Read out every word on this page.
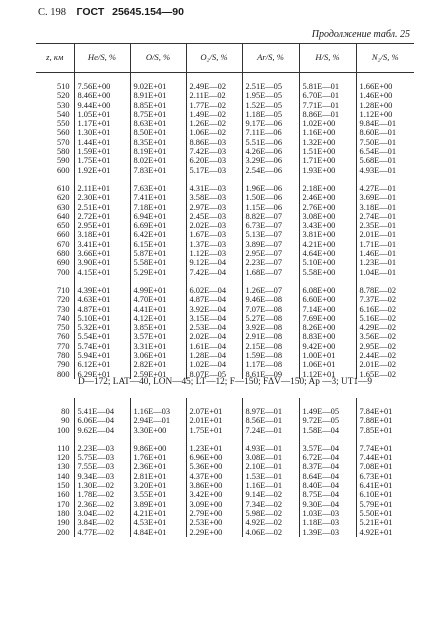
С. 198 ГОСТ 25645.154—90
Продолжение табл. 25
z, км	He/S, %	O/S, %	O₂/S, %	Ar/S, %	H/S, %	N₂/S, %

510	7.56E+00	9.02E+01	2.49E—02	2.51E—05	5.81E—01	1.66E+00
520	8.46E+00	8.91E+01	2.11E—02	1.95E—05	6.70E—01	1.46E+00
530	9.44E+00	8.85E+01	1.77E—02	1.52E—05	7.71E—01	1.28E+00
540	1.05E+01	8.75E+01	1.49E—02	1.18E—05	8.86E—01	1.12E+00
550	1.17E+01	8.63E+01	1.26E—02	9.17E—06	1.02E+00	9.84E—01
560	1.30E+01	8.50E+01	1.06E—02	7.11E—06	1.16E+00	8.60E—01
570	1.44E+01	8.35E+01	8.86E—03	5.51E—06	1.32E+00	7.50E—01
580	1.59E+01	8.19E+01	7.42E—03	4.26E—06	1.51E+00	6.54E—01
590	1.75E+01	8.02E+01	6.20E—03	3.29E—06	1.71E+00	5.68E—01
600	1.92E+01	7.83E+01	5.17E—03	2.54E—06	1.93E+00	4.93E—01

610	2.11E+01	7.63E+01	4.31E—03	1.96E—06	2.18E+00	4.27E—01
620	2.30E+01	7.41E+01	3.58E—03	1.50E—06	2.46E+00	3.69E—01
630	2.51E+01	7.18E+01	2.97E—03	1.15E—06	2.76E+00	3.18E—01
640	2.72E+01	6.94E+01	2.45E—03	8.82E—07	3.08E+00	2.74E—01
650	2.95E+01	6.69E+01	2.02E—03	6.73E—07	3.43E+00	2.35E—01
660	3.18E+01	6.42E+01	1.67E—03	5.13E—07	3.81E+00	2.01E—01
670	3.41E+01	6.15E+01	1.37E—03	3.89E—07	4.21E+00	1.71E—01
680	3.66E+01	5.87E+01	1.12E—03	2.95E—07	4.64E+00	1.46E—01
690	3.90E+01	5.58E+01	9.12E—04	2.23E—07	5.10E+00	1.23E—01
700	4.15E+01	5.29E+01	7.42E—04	1.68E—07	5.58E+00	1.04E—01

710	4.39E+01	4.99E+01	6.02E—04	1.26E—07	6.08E+00	8.78E—02
720	4.63E+01	4.70E+01	4.87E—04	9.46E—08	6.60E+00	7.37E—02
730	4.87E+01	4.41E+01	3.92E—04	7.07E—08	7.14E+00	6.16E—02
740	5.10E+01	4.12E+01	3.15E—04	5.27E—08	7.69E+00	5.16E—02
750	5.32E+01	3.85E+01	2.53E—04	3.92E—08	8.26E+00	4.29E—02
760	5.54E+01	3.57E+01	2.02E—04	2.91E—08	8.83E+00	3.56E—02
770	5.74E+01	3.31E+01	1.61E—04	2.15E—08	9.42E+00	2.95E—02
780	5.94E+01	3.06E+01	1.28E—04	1.59E—08	1.00E+01	2.44E—02
790	6.12E+01	2.82E+01	1.02E—04	1.17E—08	1.06E+01	2.01E—02
800	6.29E+01	2.59E+01	8.07E—05	8.61E—09	1.12E+01	1.65E—02
D—172; LAT—40, LON—45; LT—12; F—150; FΔV—150; Ap —3; UT1—9

80	5.41E—04	1.16E—03	2.07E+01	8.97E—01	1.49E—05	7.84E+01
90	6.06E—04	2.94E—01	2.01E+01	8.56E—01	9.72E—05	7.88E+01
100	9.62E—04	3.30E+00	1.75E+01	7.24E—01	1.58E—04	7.85E+01

110	2.23E—03	9.86E+00	1.23E+01	4.93E—01	3.57E—04	7.74E+01
120	5.75E—03	1.76E+01	6.96E+00	3.08E—01	6.72E—04	7.44E+01
130	7.55E—03	2.36E+01	5.36E+00	2.10E—01	8.37E—04	7.08E+01
140	9.34E—03	2.81E+01	4.37E+00	1.53E—01	8.64E—04	6.73E+01
150	1.30E—02	3.20E+01	3.86E+00	1.16E—01	8.40E—04	6.41E+01
160	1.78E—02	3.55E+01	3.42E+00	9.14E—02	8.75E—04	6.10E+01
170	2.36E—02	3.89E+01	3.09E+00	7.34E—02	9.30E—04	5.79E+01
180	3.04E—02	4.21E+01	2.79E+00	5.98E—02	1.03E—03	5.50E+01
190	3.84E—02	4.53E+01	2.53E+00	4.92E—02	1.18E—03	5.21E+01
200	4.77E—02	4.84E+01	2.29E+00	4.06E—02	1.39E—03	4.92E+01
